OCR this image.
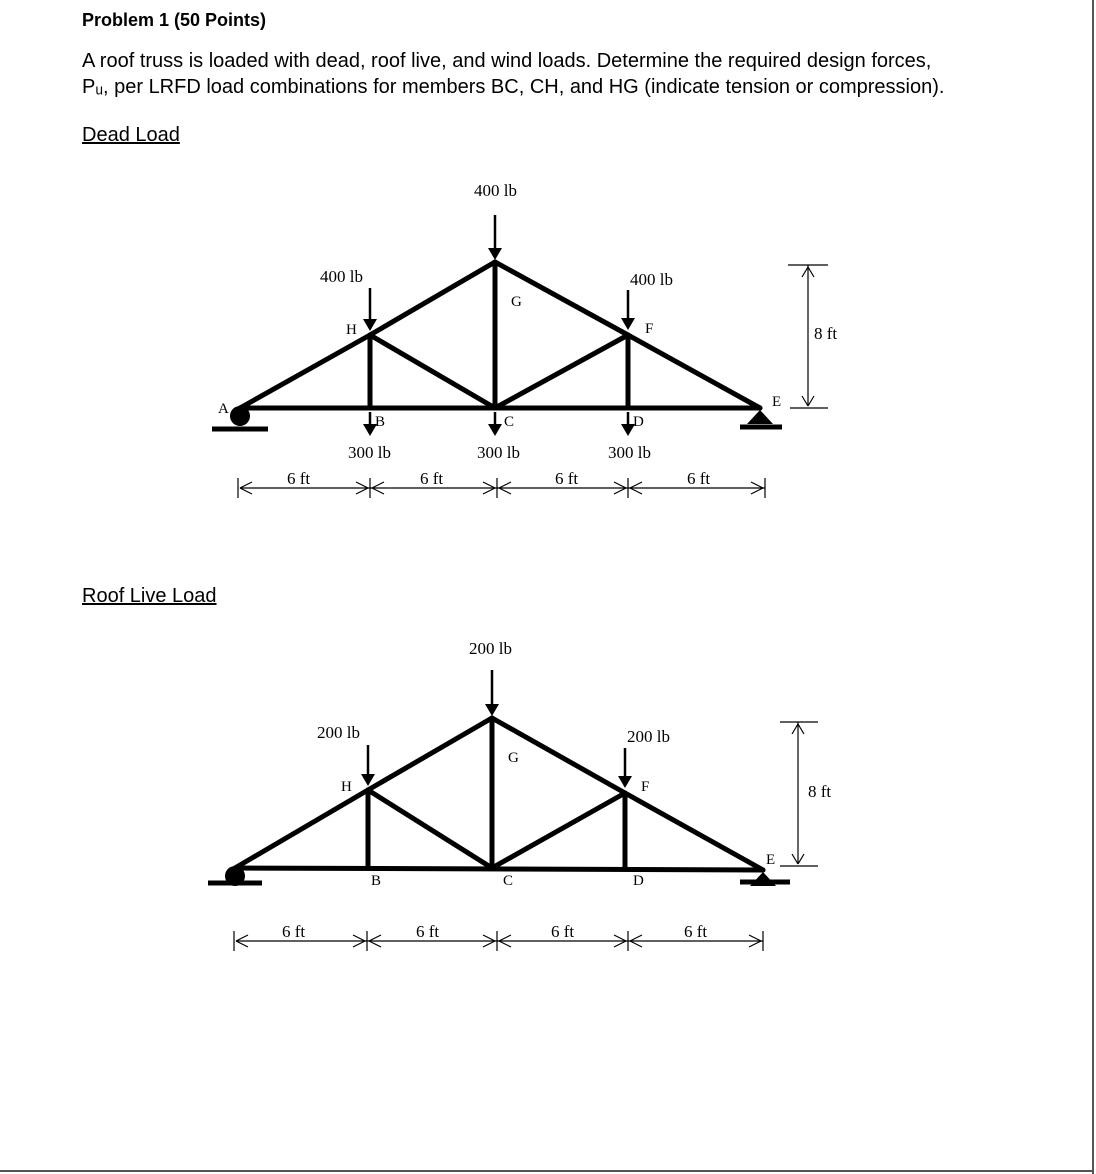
Problem 1 (50 Points)

A roof truss is loaded with dead, roof live, and wind loads. Determine the required design forces,
Pᵤ, per LRFD load combinations for members BC, CH, and HG (indicate tension or compression).

Dead Load

400 lb
400 lb	400 lb
300 lb	300 lb	300 lb
A
H
G
F
B	C	D
E
6 ft	6 ft	6 ft	6 ft
8 ft

Roof Live Load

200 lb
200 lb	200 lb
H
G
F
B	C	D
E
6 ft	6 ft	6 ft	6 ft
8 ft
